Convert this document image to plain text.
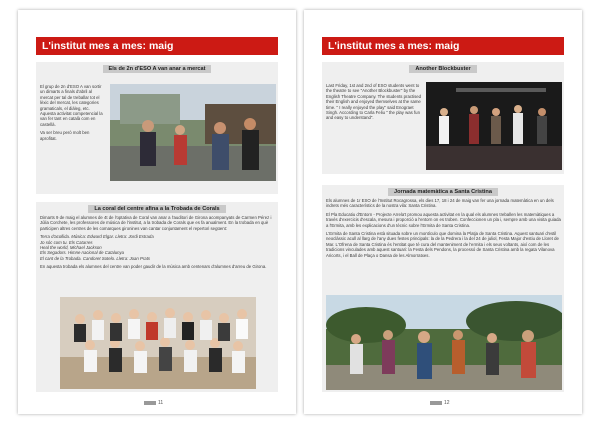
L'institut mes a mes: maig
Els de 2n d'ESO A van anar a mercat

El grup de 2n d'ESO A van sortir un dimarts a finals d'abril al mercat per tal de treballar tot el lèxic del mercat, les categories gramaticals, el diàleg, etc. Aquesta activitat competencial la van fer tant en català com en castellà.

Va ser breu però molt ben aprofitat.

La coral del centre afina a la Trobada de Corals

Dimarts 9 de maig el alumnes de 4t de l'optativa de Coral van anar a l'auditori de Girona acompanyats de Carmen Pérez i Júlia Corchete, les professores de música de l'institut, a la trobada de Corals que es fa anualment. En la trobada en què participen altres centres de les comarques gironines van cantar conjuntament el repertori següent:

Terra d'acollida. Música: Edward Elgar. Lletra: Jordi Estrada

Jo sóc com tu. Els Catarres

Heal the world, Michael Jackson

Els Segadors. Himne nacional de Catalunya

El cant de la Trobada. Candoret Sotelo. Lletra: Joan Prats

En aquesta trobada els alumnes del centre van poder gaudir de la música amb centenars d'alumnes d'arreu de Girona.

11
L'institut mes a mes: maig
Another Blockbuster

Last Friday, 1st and 2nd of ESO students went to the theatre to see "Another Blockbuster" by the English Theatre Company. The students practised their English and enjoyed themselves at the same time. " I really enjoyed the play" said Enograet Singh. According to Carla Feliu " the play was fun and easy to understand".

Jornada matemàtica a Santa Cristina

Els alumnes de 1r ESO de l'Institut Rocagrossa, els dies 17, 18 i 24 de maig van fer una jornada matemàtica en un dels indrets més característics de la nostra vila: Santa Cristina.

El Pla Educatiu d'Entorn - Projecte Arrela't promou aquesta activitat en la qual els alumnes treballen les matemàtiques a través d'exercicis d'escala, mesura i proporció a l'entorn on es troben. Confeccionen un pla i, sempre amb una visita guiada a l'Ermita, amb les explicacions d'un tècnic sobre l'Ermita de Santa Cristina.

L'Ermita de Santa Cristina està situada sobre un montículo que domina la Platja de Santa Cristina. Aquest santuari d'estil neoclàssic acull al llarg de l'any dues festes principals: la de la Pedrera i la del 24 de juliol, Festa Major d'estiu de Lloret de Mar. L'Ofrena de Santa Cristina és l'entitat que té cura del manteniment de l'ermita i els seus voltants, així com de les tradicions vinculades amb aquest santuari: la Festa dels Pendons, la processó de Santa Cristina amb la regata Vilanova Aricorts, i el Ball de Plaça o Dansa de les Almorratxes.

12
